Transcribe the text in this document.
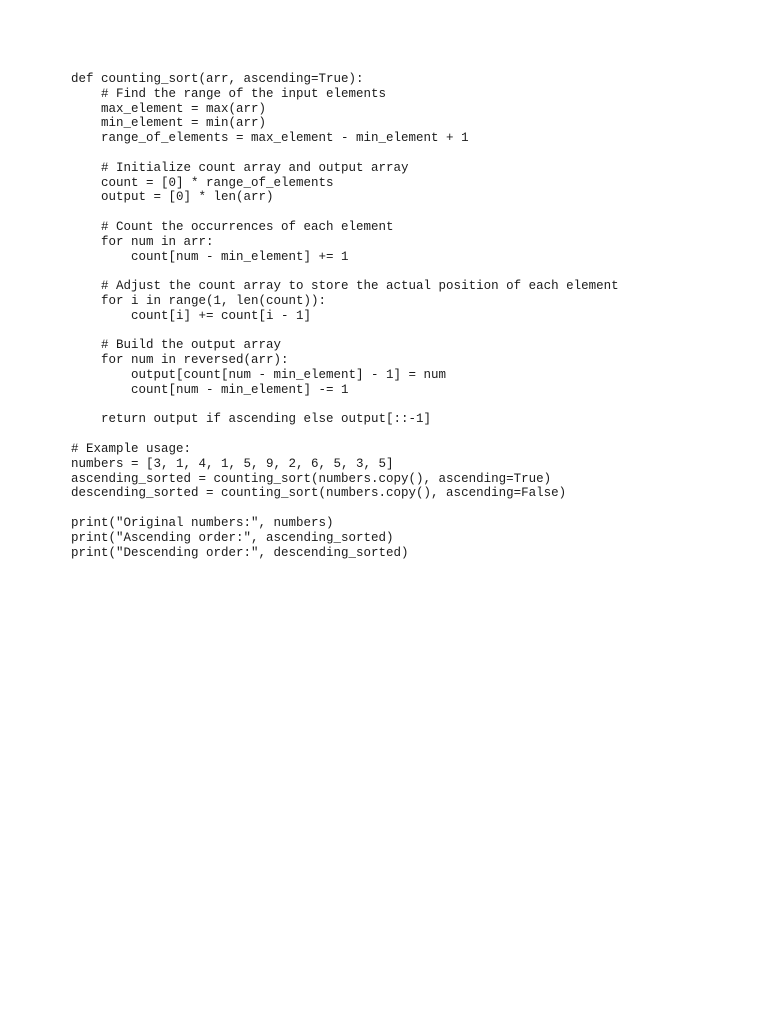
def counting_sort(arr, ascending=True):
# Find the range of the input elements
max_element = max(arr)
min_element = min(arr)
range_of_elements = max_element - min_element + 1
# Initialize count array and output array
count = [0] * range_of_elements
output = [0] * len(arr)
# Count the occurrences of each element
for num in arr:
count[num - min_element] += 1
# Adjust the count array to store the actual position of each element
for i in range(1, len(count)):
count[i] += count[i - 1]
# Build the output array
for num in reversed(arr):
output[count[num - min_element] - 1] = num
count[num - min_element] -= 1
return output if ascending else output[::-1]
# Example usage:
numbers = [3, 1, 4, 1, 5, 9, 2, 6, 5, 3, 5]
ascending_sorted = counting_sort(numbers.copy(), ascending=True)
descending_sorted = counting_sort(numbers.copy(), ascending=False)
print("Original numbers:", numbers)
print("Ascending order:", ascending_sorted)
print("Descending order:", descending_sorted)
